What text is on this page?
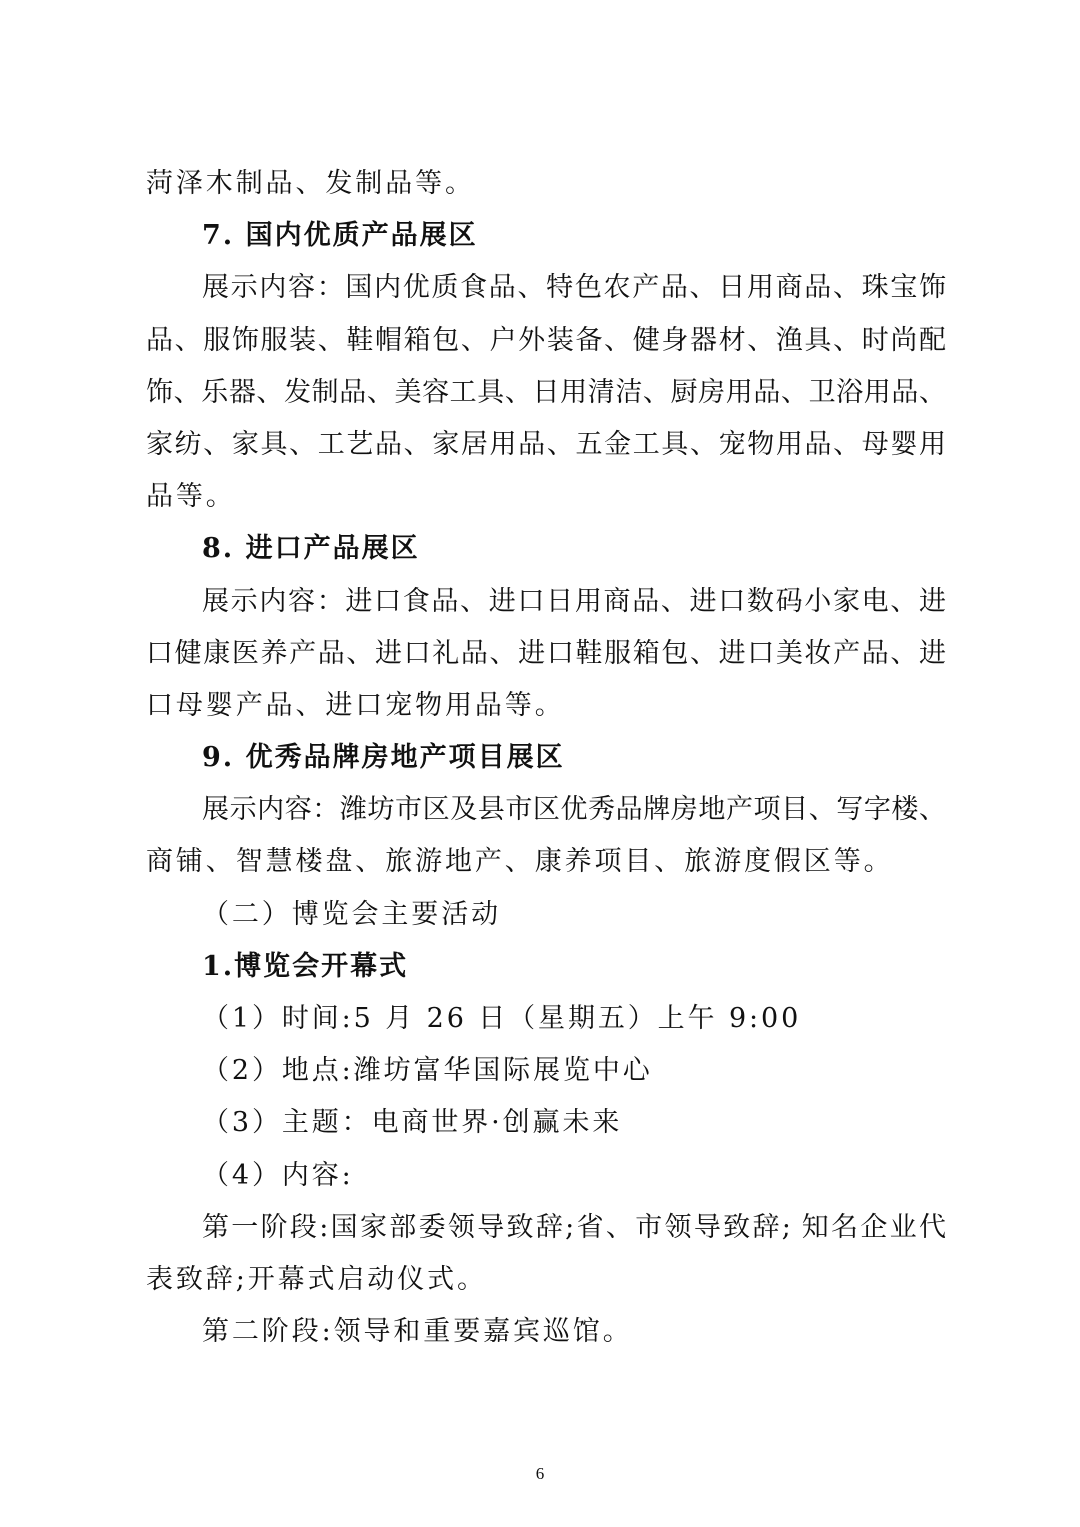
菏泽木制品、发制品等。
7. 国内优质产品展区
展示内容：国内优质食品、特色农产品、日用商品、珠宝饰
品、服饰服装、鞋帽箱包、户外装备、健身器材、渔具、时尚配
饰、乐器、发制品、美容工具、日用清洁、厨房用品、卫浴用品、
家纺、家具、工艺品、家居用品、五金工具、宠物用品、母婴用
品等。
8. 进口产品展区
展示内容：进口食品、进口日用商品、进口数码小家电、进
口健康医养产品、进口礼品、进口鞋服箱包、进口美妆产品、进
口母婴产品、进口宠物用品等。
9. 优秀品牌房地产项目展区
展示内容：潍坊市区及县市区优秀品牌房地产项目、写字楼、
商铺、智慧楼盘、旅游地产、康养项目、旅游度假区等。
（二）博览会主要活动
1.博览会开幕式
（1）时间:5 月 26 日（星期五）上午 9:00
（2）地点:潍坊富华国际展览中心
（3）主题：电商世界·创赢未来
（4）内容:
第一阶段:国家部委领导致辞;省、市领导致辞; 知名企业代
表致辞;开幕式启动仪式。
第二阶段:领导和重要嘉宾巡馆。
6
